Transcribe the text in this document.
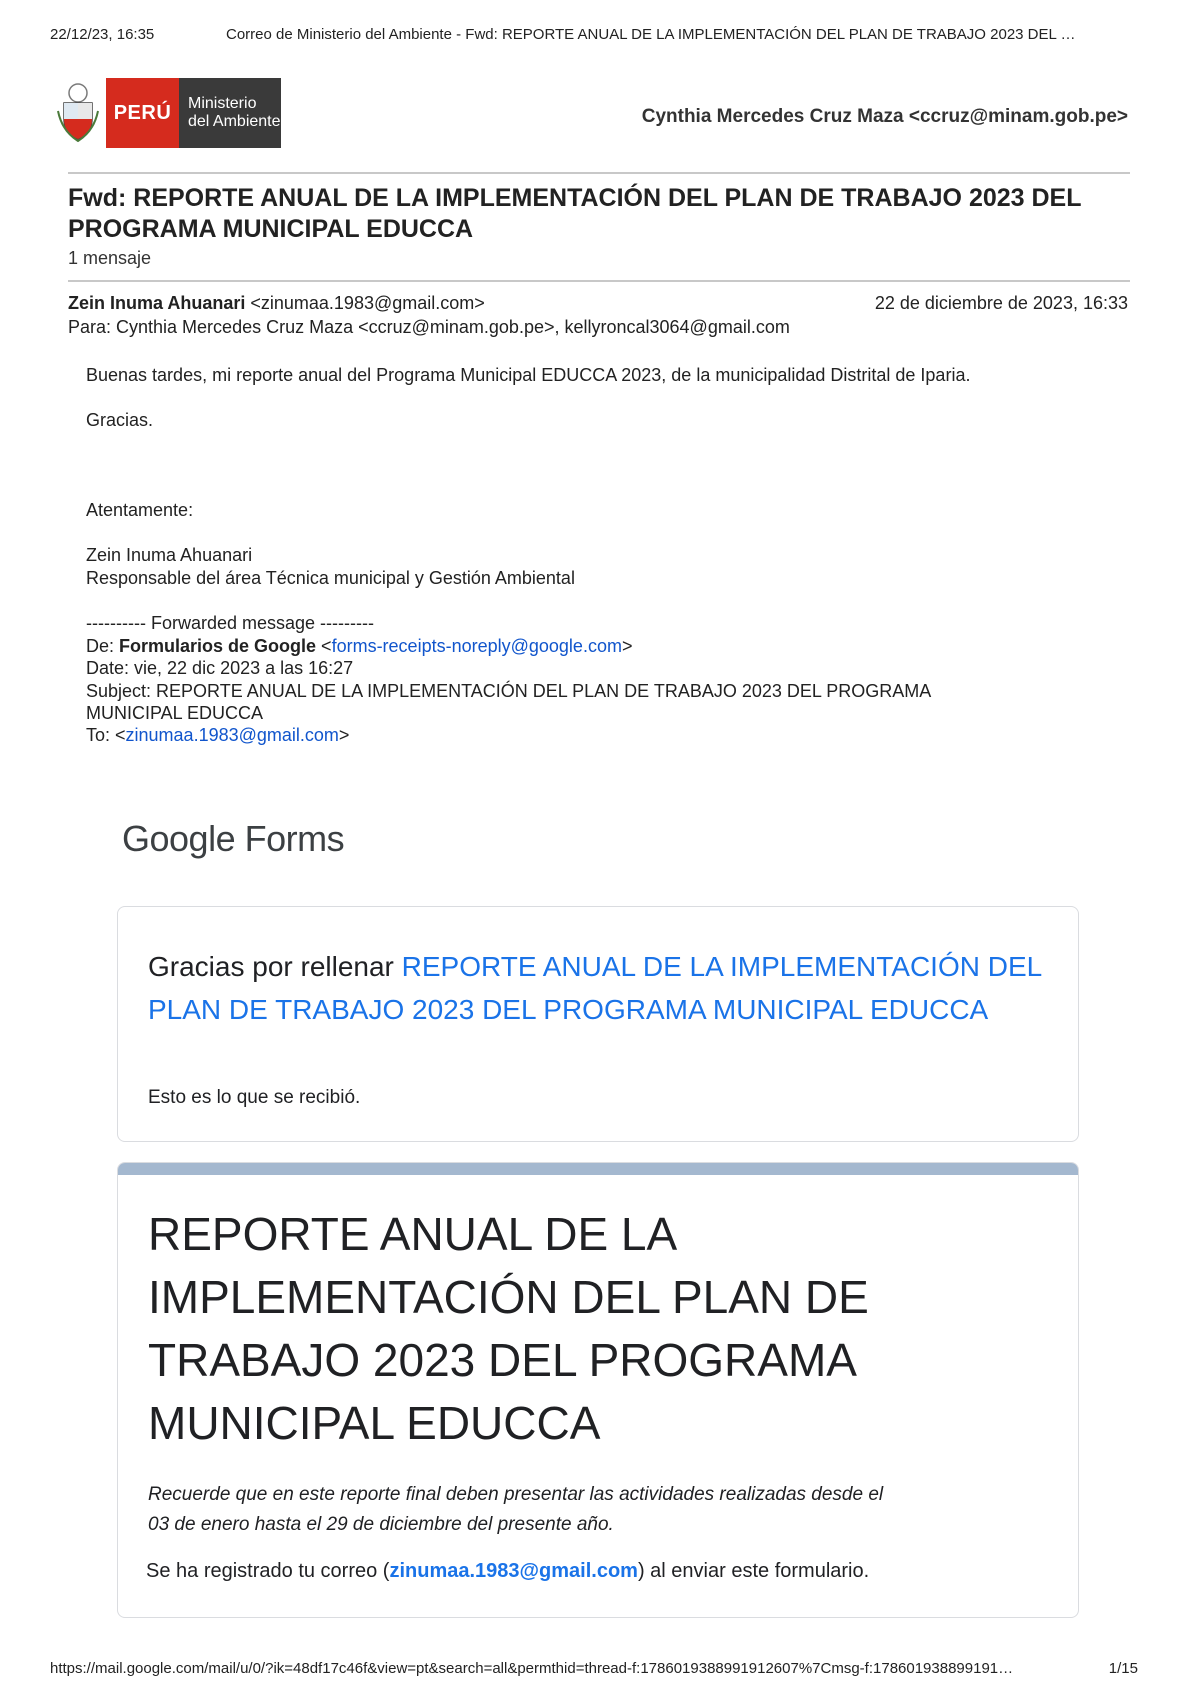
22/12/23, 16:35	Correo de Ministerio del Ambiente - Fwd: REPORTE ANUAL DE LA IMPLEMENTACIÓN DEL PLAN DE TRABAJO 2023 DEL …
PERÚ	Ministerio
del Ambiente	Cynthia Mercedes Cruz Maza <ccruz@minam.gob.pe>
Fwd: REPORTE ANUAL DE LA IMPLEMENTACIÓN DEL PLAN DE TRABAJO 2023 DEL PROGRAMA MUNICIPAL EDUCCA
1 mensaje
Zein Inuma Ahuanari <zinumaa.1983@gmail.com>	22 de diciembre de 2023, 16:33
Para: Cynthia Mercedes Cruz Maza <ccruz@minam.gob.pe>, kellyroncal3064@gmail.com
Buenas tardes, mi reporte anual del Programa Municipal EDUCCA 2023, de la municipalidad Distrital de Iparia.
Gracias.
Atentamente:
Zein Inuma Ahuanari
Responsable del área Técnica municipal y Gestión Ambiental
---------- Forwarded message ---------
De: Formularios de Google <forms-receipts-noreply@google.com>
Date: vie, 22 dic 2023 a las 16:27
Subject: REPORTE ANUAL DE LA IMPLEMENTACIÓN DEL PLAN DE TRABAJO 2023 DEL PROGRAMA
MUNICIPAL EDUCCA
To: <zinumaa.1983@gmail.com>
Google Forms
Gracias por rellenar REPORTE ANUAL DE LA IMPLEMENTACIÓN DEL PLAN DE TRABAJO 2023 DEL PROGRAMA MUNICIPAL EDUCCA
Esto es lo que se recibió.
REPORTE ANUAL DE LA IMPLEMENTACIÓN DEL PLAN DE TRABAJO 2023 DEL PROGRAMA MUNICIPAL EDUCCA
Recuerde que en este reporte final deben presentar las actividades realizadas desde el 03 de enero hasta el 29 de diciembre del presente año.
Se ha registrado tu correo (zinumaa.1983@gmail.com) al enviar este formulario.
https://mail.google.com/mail/u/0/?ik=48df17c46f&view=pt&search=all&permthid=thread-f:1786019388991912607%7Cmsg-f:178601938899191…	1/15
